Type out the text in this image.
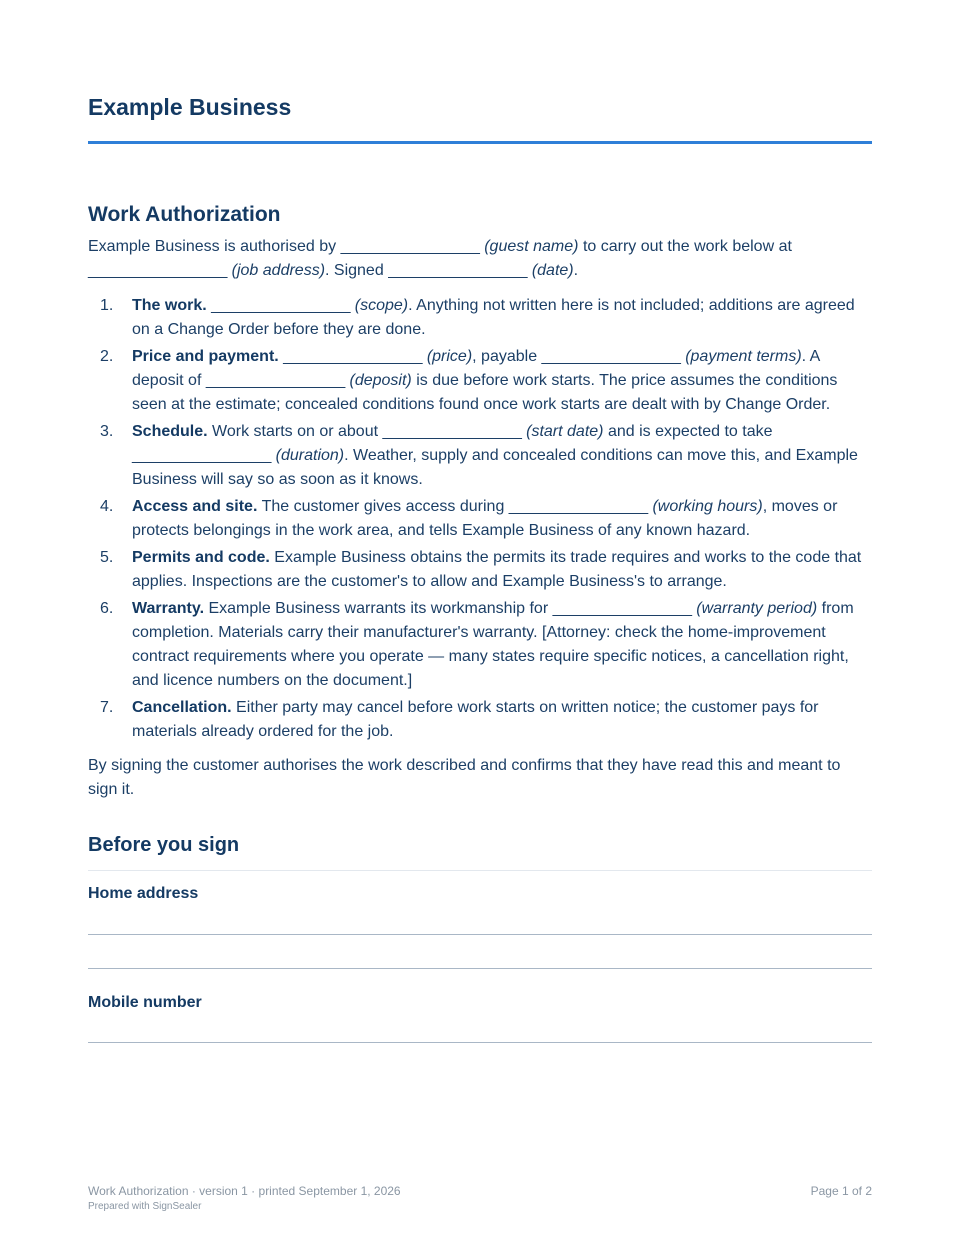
Example Business
Work Authorization

Example Business is authorised by ________________ (guest name) to carry out the work below at ________________ (job address). Signed ________________ (date).

1. The work. ________________ (scope). Anything not written here is not included; additions are agreed on a Change Order before they are done.
2. Price and payment. ________________ (price), payable ________________ (payment terms). A deposit of ________________ (deposit) is due before work starts. The price assumes the conditions seen at the estimate; concealed conditions found once work starts are dealt with by Change Order.
3. Schedule. Work starts on or about ________________ (start date) and is expected to take ________________ (duration). Weather, supply and concealed conditions can move this, and Example Business will say so as soon as it knows.
4. Access and site. The customer gives access during ________________ (working hours), moves or protects belongings in the work area, and tells Example Business of any known hazard.
5. Permits and code. Example Business obtains the permits its trade requires and works to the code that applies. Inspections are the customer's to allow and Example Business's to arrange.
6. Warranty. Example Business warrants its workmanship for ________________ (warranty period) from completion. Materials carry their manufacturer's warranty. [Attorney: check the home-improvement contract requirements where you operate — many states require specific notices, a cancellation right, and licence numbers on the document.]
7. Cancellation. Either party may cancel before work starts on written notice; the customer pays for materials already ordered for the job.

By signing the customer authorises the work described and confirms that they have read this and meant to sign it.

Before you sign
Home address
Mobile number
Work Authorization · version 1 · printed September 1, 2026
Prepared with SignSealer
Page 1 of 2
